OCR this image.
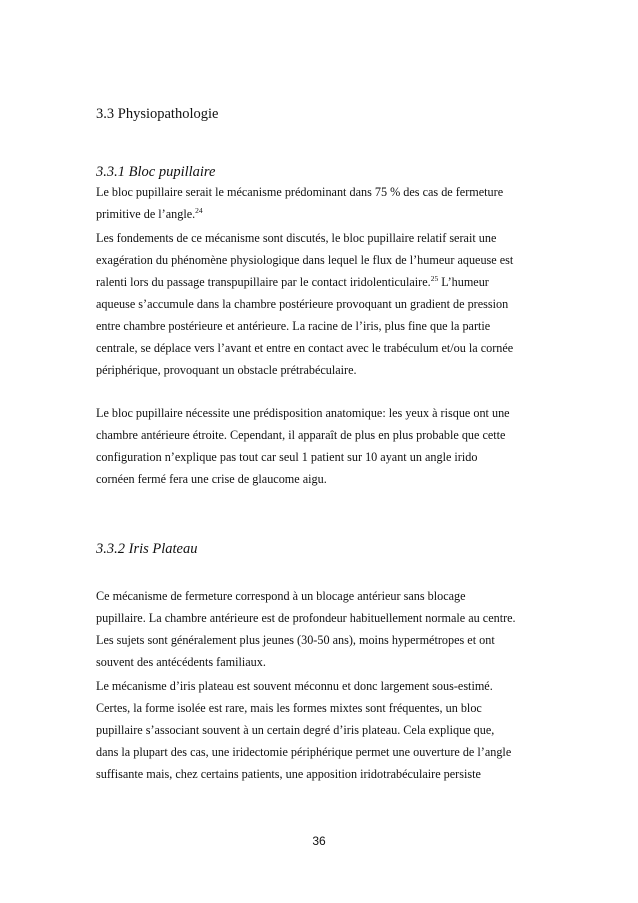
3.3 Physiopathologie
3.3.1 Bloc pupillaire

Le bloc pupillaire serait le mécanisme prédominant dans 75 % des cas de fermeture
primitive de l’angle.$^{24}$

Les fondements de ce mécanisme sont discutés, le bloc pupillaire relatif serait une
exagération du phénomène physiologique dans lequel le flux de l’humeur aqueuse est
ralenti lors du passage transpupillaire par le contact iridolenticulaire.$^{25}$ L’humeur
aqueuse s’accumule dans la chambre postérieure provoquant un gradient de pression
entre chambre postérieure et antérieure. La racine de l’iris, plus fine que la partie
centrale, se déplace vers l’avant et entre en contact avec le trabéculum et/ou la cornée
périphérique, provoquant un obstacle prétrabéculaire.

Le bloc pupillaire nécessite une prédisposition anatomique: les yeux à risque ont une
chambre antérieure étroite. Cependant, il apparaît de plus en plus probable que cette
configuration n’explique pas tout car seul 1 patient sur 10 ayant un angle irido
cornéen fermé fera une crise de glaucome aigu.

3.3.2 Iris Plateau

Ce mécanisme de fermeture correspond à un blocage antérieur sans blocage
pupillaire. La chambre antérieure est de profondeur habituellement normale au centre.
Les sujets sont généralement plus jeunes (30-50 ans), moins hypermétropes et ont
souvent des antécédents familiaux.

Le mécanisme d’iris plateau est souvent méconnu et donc largement sous-estimé.
Certes, la forme isolée est rare, mais les formes mixtes sont fréquentes, un bloc
pupillaire s’associant souvent à un certain degré d’iris plateau. Cela explique que,
dans la plupart des cas, une iridectomie périphérique permet une ouverture de l’angle
suffisante mais, chez certains patients, une apposition iridotrabéculaire persiste

36
